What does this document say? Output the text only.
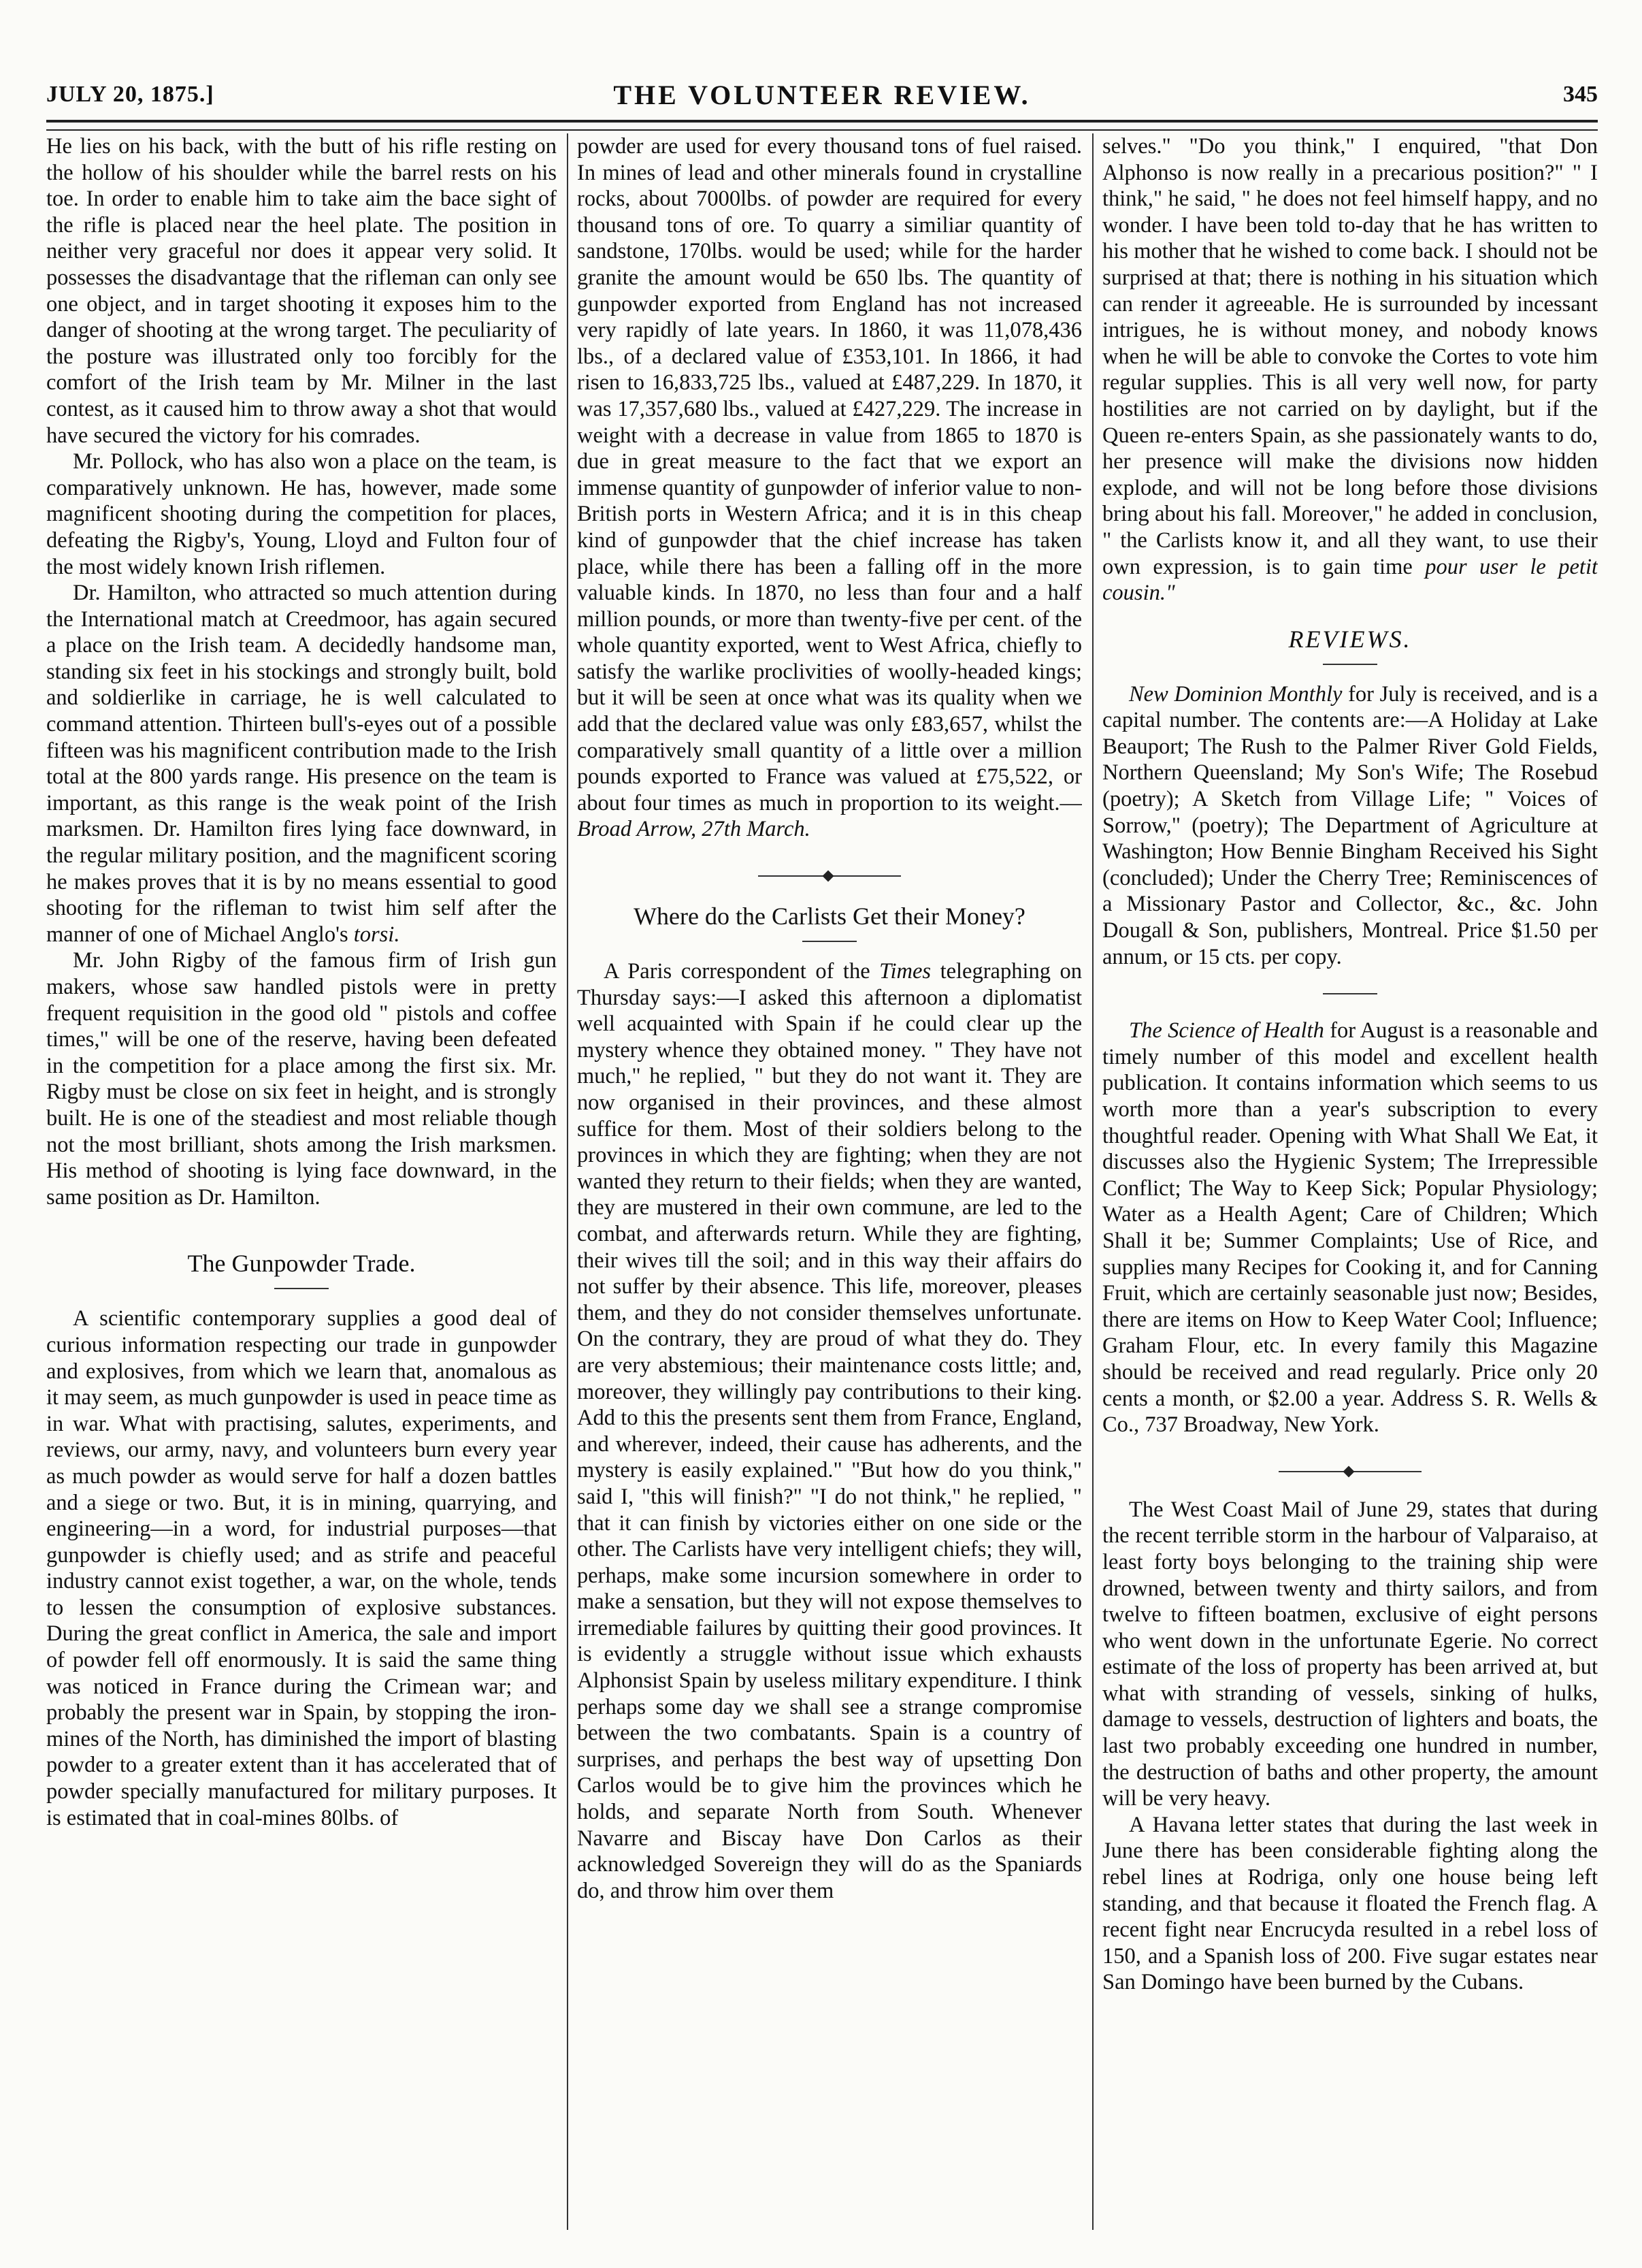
JULY 20, 1875.]	THE VOLUNTEER REVIEW.	345

He lies on his back, with the butt of his rifle resting on the hollow of his shoulder while the barrel rests on his toe. In order to enable him to take aim the bace sight of the rifle is placed near the heel plate. The position in neither very graceful nor does it appear very solid. It possesses the disadvantage that the rifleman can only see one object, and in target shooting it exposes him to the danger of shooting at the wrong target. The peculiarity of the posture was illustrated only too forcibly for the comfort of the Irish team by Mr. Milner in the last contest, as it caused him to throw away a shot that would have secured the victory for his comrades.

Mr. Pollock, who has also won a place on the team, is comparatively unknown. He has, however, made some magnificent shooting during the competition for places, defeating the Rigby's, Young, Lloyd and Fulton four of the most widely known Irish riflemen.

Dr. Hamilton, who attracted so much attention during the International match at Creedmoor, has again secured a place on the Irish team. A decidedly handsome man, standing six feet in his stockings and strongly built, bold and soldierlike in carriage, he is well calculated to command attention. Thirteen bull's-eyes out of a possible fifteen was his magnificent contribution made to the Irish total at the 800 yards range. His presence on the team is important, as this range is the weak point of the Irish marksmen. Dr. Hamilton fires lying face downward, in the regular military position, and the magnificent scoring he makes proves that it is by no means essential to good shooting for the rifleman to twist him self after the manner of one of Michael Anglo's torsi.

Mr. John Rigby of the famous firm of Irish gun makers, whose saw handled pistols were in pretty frequent requisition in the good old " pistols and coffee times," will be one of the reserve, having been defeated in the competition for a place among the first six. Mr. Rigby must be close on six feet in height, and is strongly built. He is one of the steadiest and most reliable though not the most brilliant, shots among the Irish marksmen. His method of shooting is lying face downward, in the same position as Dr. Hamilton.

The Gunpowder Trade.

A scientific contemporary supplies a good deal of curious information respecting our trade in gunpowder and explosives, from which we learn that, anomalous as it may seem, as much gunpowder is used in peace time as in war. What with practising, salutes, experiments, and reviews, our army, navy, and volunteers burn every year as much powder as would serve for half a dozen battles and a siege or two. But, it is in mining, quarrying, and engineering—in a word, for industrial purposes—that gunpowder is chiefly used; and as strife and peaceful industry cannot exist together, a war, on the whole, tends to lessen the consumption of explosive substances. During the great conflict in America, the sale and import of powder fell off enormously. It is said the same thing was noticed in France during the Crimean war; and probably the present war in Spain, by stopping the iron-mines of the North, has diminished the import of blasting powder to a greater extent than it has accelerated that of powder specially manufactured for military purposes. It is estimated that in coal-mines 80lbs. of

powder are used for every thousand tons of fuel raised. In mines of lead and other minerals found in crystalline rocks, about 7000lbs. of powder are required for every thousand tons of ore. To quarry a similiar quantity of sandstone, 170lbs. would be used; while for the harder granite the amount would be 650 lbs. The quantity of gunpowder exported from England has not increased very rapidly of late years. In 1860, it was 11,078,436 lbs., of a declared value of £353,101. In 1866, it had risen to 16,833,725 lbs., valued at £487,229. In 1870, it was 17,357,680 lbs., valued at £427,229. The increase in weight with a decrease in value from 1865 to 1870 is due in great measure to the fact that we export an immense quantity of gunpowder of inferior value to non-British ports in Western Africa; and it is in this cheap kind of gunpowder that the chief increase has taken place, while there has been a falling off in the more valuable kinds. In 1870, no less than four and a half million pounds, or more than twenty-five per cent. of the whole quantity exported, went to West Africa, chiefly to satisfy the warlike proclivities of woolly-headed kings; but it will be seen at once what was its quality when we add that the declared value was only £83,657, whilst the comparatively small quantity of a little over a million pounds exported to France was valued at £75,522, or about four times as much in proportion to its weight.—Broad Arrow, 27th March.

Where do the Carlists Get their Money?

A Paris correspondent of the Times telegraphing on Thursday says:—I asked this afternoon a diplomatist well acquainted with Spain if he could clear up the mystery whence they obtained money. " They have not much," he replied, " but they do not want it. They are now organised in their provinces, and these almost suffice for them. Most of their soldiers belong to the provinces in which they are fighting; when they are not wanted they return to their fields; when they are wanted, they are mustered in their own commune, are led to the combat, and afterwards return. While they are fighting, their wives till the soil; and in this way their affairs do not suffer by their absence. This life, moreover, pleases them, and they do not consider themselves unfortunate. On the contrary, they are proud of what they do. They are very abstemious; their maintenance costs little; and, moreover, they willingly pay contributions to their king. Add to this the presents sent them from France, England, and wherever, indeed, their cause has adherents, and the mystery is easily explained." "But how do you think," said I, "this will finish?" "I do not think," he replied, " that it can finish by victories either on one side or the other. The Carlists have very intelligent chiefs; they will, perhaps, make some incursion somewhere in order to make a sensation, but they will not expose themselves to irremediable failures by quitting their good provinces. It is evidently a struggle without issue which exhausts Alphonsist Spain by useless military expenditure. I think perhaps some day we shall see a strange compromise between the two combatants. Spain is a country of surprises, and perhaps the best way of upsetting Don Carlos would be to give him the provinces which he holds, and separate North from South. Whenever Navarre and Biscay have Don Carlos as their acknowledged Sovereign they will do as the Spaniards do, and throw him over them

selves." "Do you think," I enquired, "that Don Alphonso is now really in a precarious position?" " I think," he said, " he does not feel himself happy, and no wonder. I have been told to-day that he has written to his mother that he wished to come back. I should not be surprised at that; there is nothing in his situation which can render it agreeable. He is surrounded by incessant intrigues, he is without money, and nobody knows when he will be able to convoke the Cortes to vote him regular supplies. This is all very well now, for party hostilities are not carried on by daylight, but if the Queen re-enters Spain, as she passionately wants to do, her presence will make the divisions now hidden explode, and will not be long before those divisions bring about his fall. Moreover," he added in conclusion, " the Carlists know it, and all they want, to use their own expression, is to gain time pour user le petit cousin."

REVIEWS.

New Dominion Monthly for July is received, and is a capital number. The contents are:—A Holiday at Lake Beauport; The Rush to the Palmer River Gold Fields, Northern Queensland; My Son's Wife; The Rosebud (poetry); A Sketch from Village Life; " Voices of Sorrow," (poetry); The Department of Agriculture at Washington; How Bennie Bingham Received his Sight (concluded); Under the Cherry Tree; Reminiscences of a Missionary Pastor and Collector, &c., &c. John Dougall & Son, publishers, Montreal. Price $1.50 per annum, or 15 cts. per copy.

The Science of Health for August is a reasonable and timely number of this model and excellent health publication. It contains information which seems to us worth more than a year's subscription to every thoughtful reader. Opening with What Shall We Eat, it discusses also the Hygienic System; The Irrepressible Conflict; The Way to Keep Sick; Popular Physiology; Water as a Health Agent; Care of Children; Which Shall it be; Summer Complaints; Use of Rice, and supplies many Recipes for Cooking it, and for Canning Fruit, which are certainly seasonable just now; Besides, there are items on How to Keep Water Cool; Influence; Graham Flour, etc. In every family this Magazine should be received and read regularly. Price only 20 cents a month, or $2.00 a year. Address S. R. Wells & Co., 737 Broadway, New York.

The West Coast Mail of June 29, states that during the recent terrible storm in the harbour of Valparaiso, at least forty boys belonging to the training ship were drowned, between twenty and thirty sailors, and from twelve to fifteen boatmen, exclusive of eight persons who went down in the unfortunate Egerie. No correct estimate of the loss of property has been arrived at, but what with stranding of vessels, sinking of hulks, damage to vessels, destruction of lighters and boats, the last two probably exceeding one hundred in number, the destruction of baths and other property, the amount will be very heavy.

A Havana letter states that during the last week in June there has been considerable fighting along the rebel lines at Rodriga, only one house being left standing, and that because it floated the French flag. A recent fight near Encrucyda resulted in a rebel loss of 150, and a Spanish loss of 200. Five sugar estates near San Domingo have been burned by the Cubans.
